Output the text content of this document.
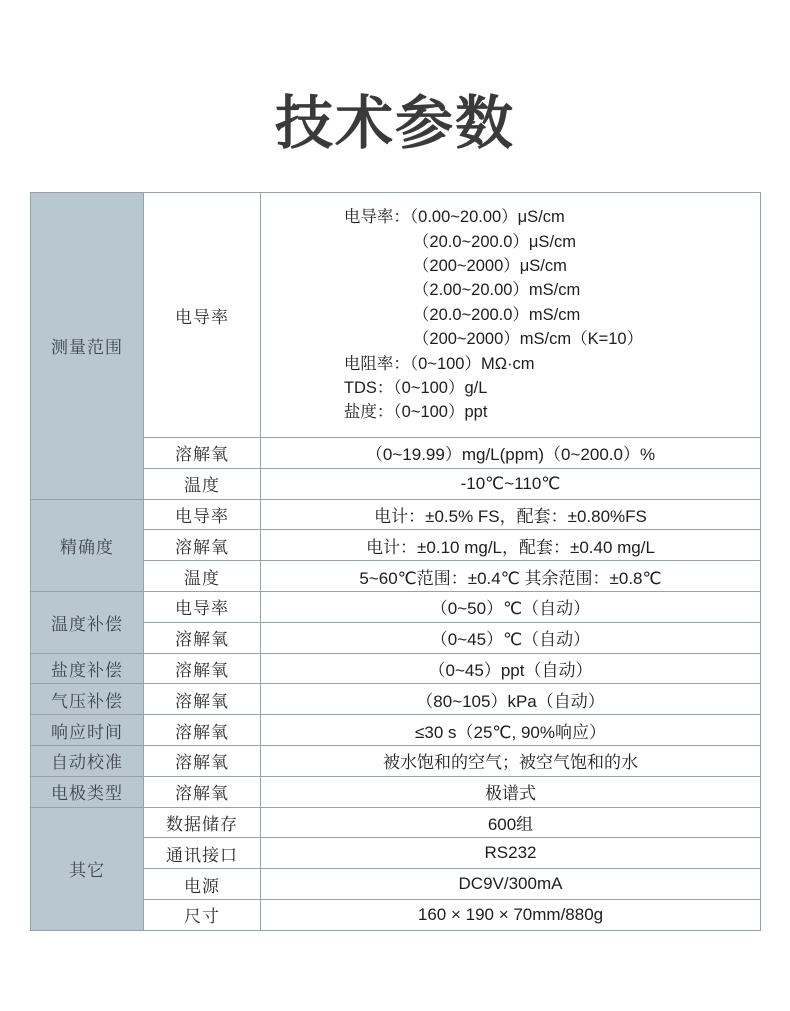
技术参数
测量范围	电导率	
电导率：（0.00~20.00）μS/cm
（20.0~200.0）μS/cm
（200~2000）μS/cm
（2.00~20.00）mS/cm
（20.0~200.0）mS/cm
（200~2000）mS/cm（K=10）
电阻率：（0~100）MΩ·cm
TDS：（0~100）g/L
盐度：（0~100）ppt

	溶解氧	（0~19.99）mg/L(ppm)（0~200.0）%
	温度	-10℃~110℃
精确度	电导率	电计：±0.5% FS，配套：±0.80%FS
	溶解氧	电计：±0.10 mg/L，配套：±0.40 mg/L
	温度	5~60℃范围：±0.4℃ 其余范围：±0.8℃
温度补偿	电导率	（0~50）℃（自动）
	溶解氧	（0~45）℃（自动）
盐度补偿	溶解氧	（0~45）ppt（自动）
气压补偿	溶解氧	（80~105）kPa（自动）
响应时间	溶解氧	≤30 s（25℃, 90%响应）
自动校准	溶解氧	被水饱和的空气；被空气饱和的水
电极类型	溶解氧	极谱式
其它	数据储存	600组
	通讯接口	RS232
	电源	DC9V/300mA
	尺寸	160 × 190 × 70mm/880g
